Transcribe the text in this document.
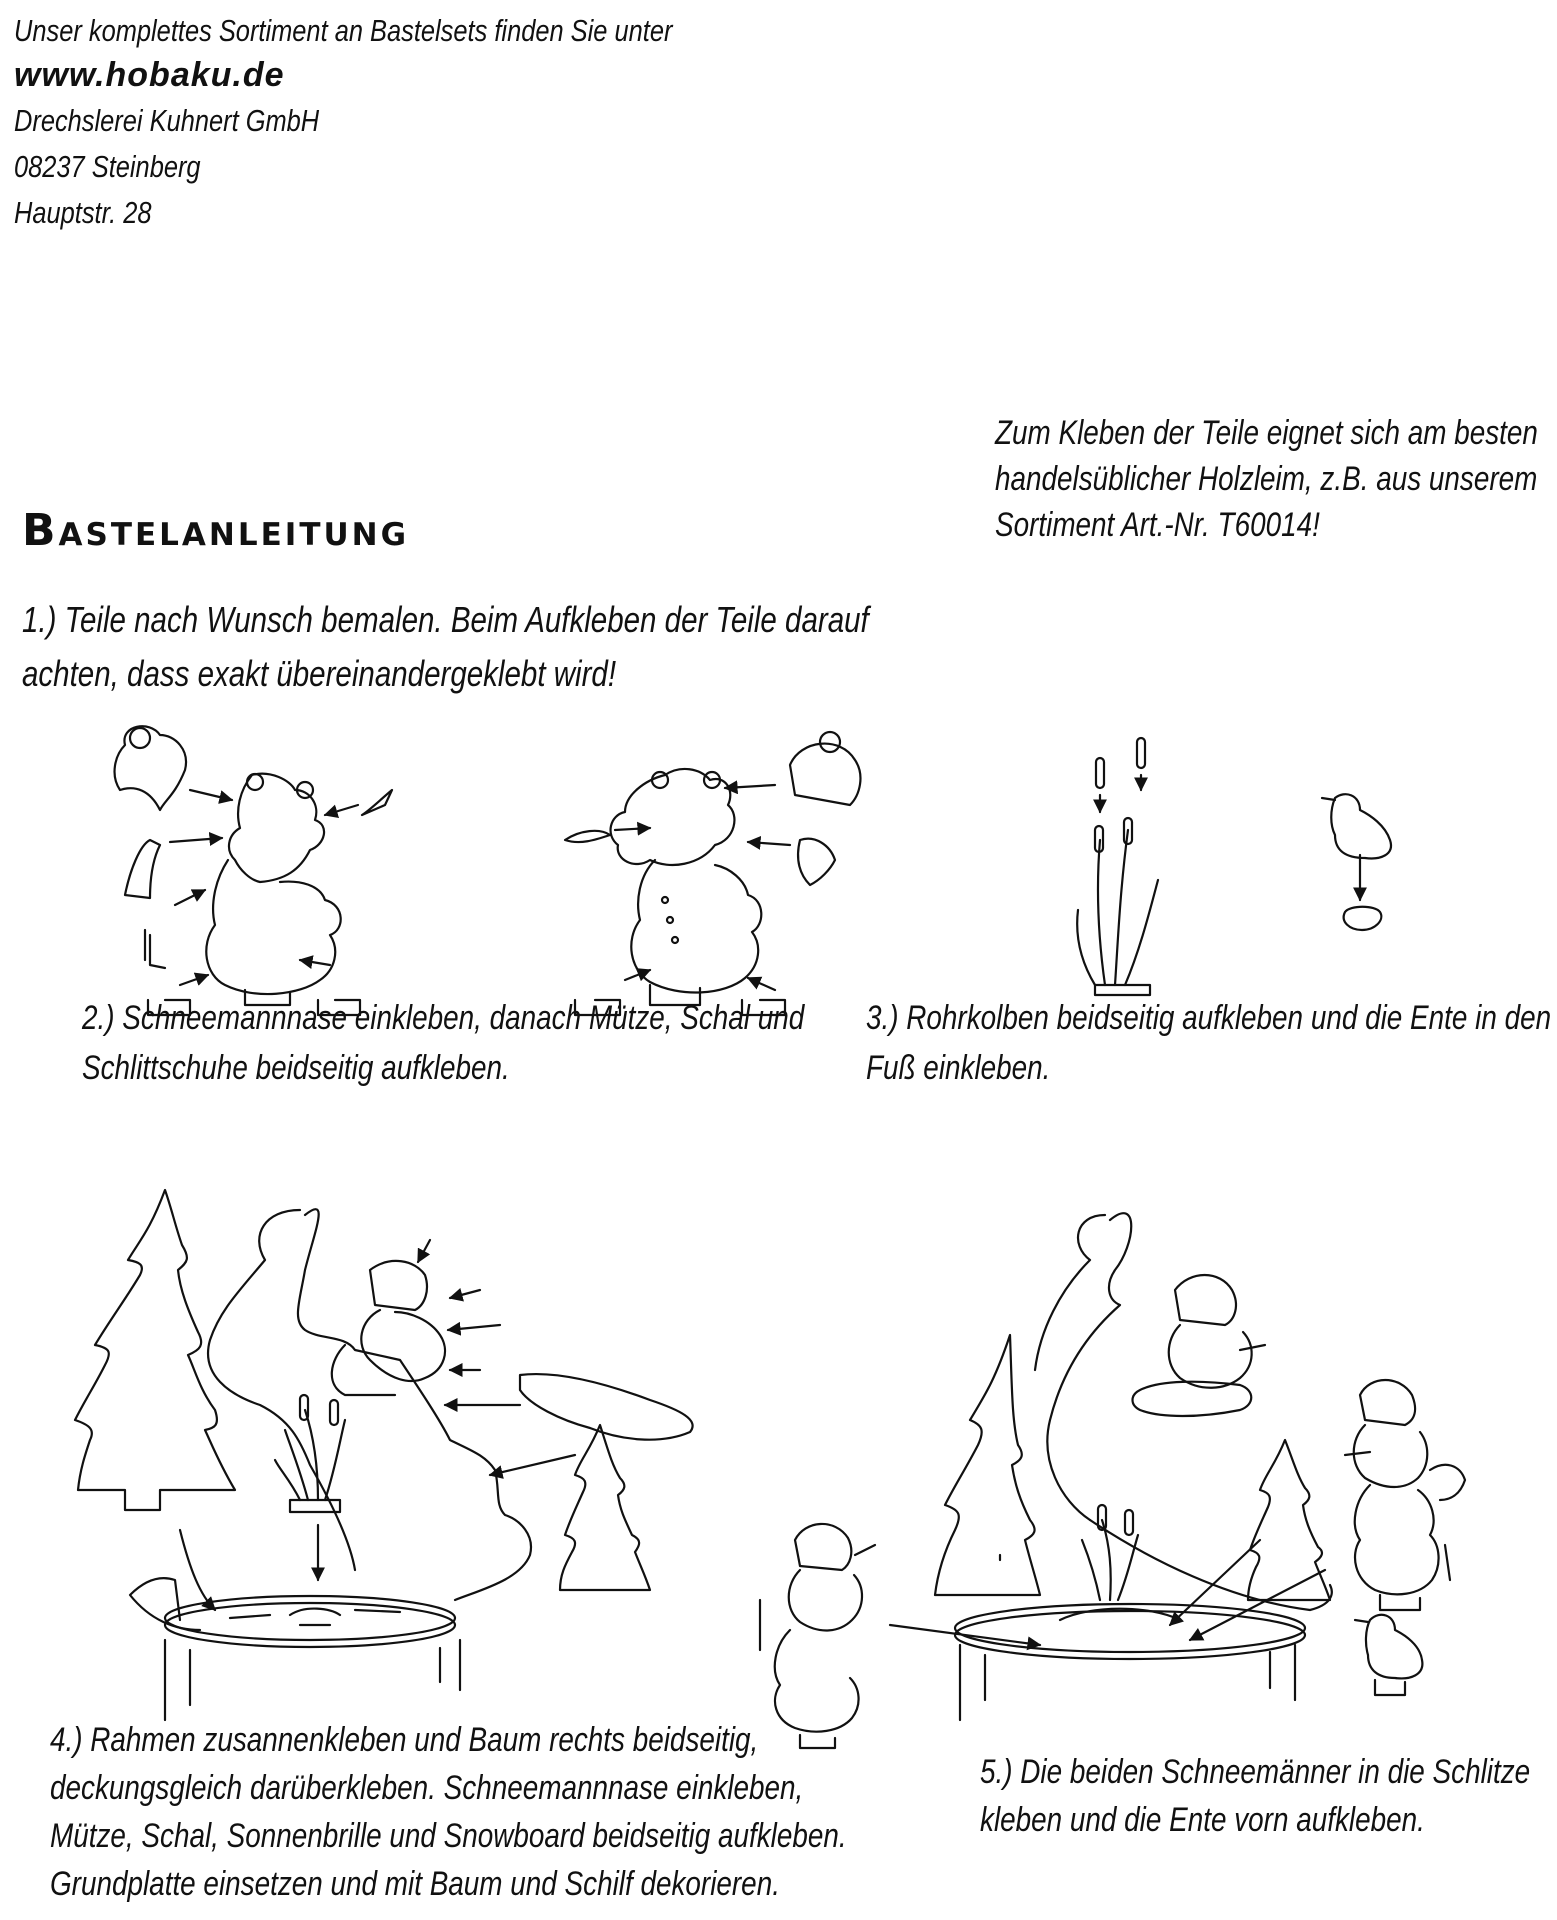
Unser komplettes Sortiment an Bastelsets finden Sie unter
www.hobaku.de
Drechslerei Kuhnert GmbH
08237 Steinberg
Hauptstr. 28
Zum Kleben der Teile eignet sich am besten
handelsüblicher Holzleim, z.B. aus unserem
Sortiment Art.-Nr. T60014!
Bastelanleitung
1.) Teile nach Wunsch bemalen. Beim Aufkleben der Teile darauf
achten, dass exakt übereinandergeklebt wird!
2.) Schneemannnase einkleben, danach Mütze, Schal und
Schlittschuhe beidseitig aufkleben.
3.) Rohrkolben beidseitig aufkleben und die Ente in den
Fuß einkleben.
4.) Rahmen zusannenkleben und Baum rechts beidseitig,
deckungsgleich darüberkleben. Schneemannnase einkleben,
Mütze, Schal, Sonnenbrille und Snowboard beidseitig aufkleben.
Grundplatte einsetzen und mit Baum und Schilf dekorieren.
5.) Die beiden Schneemänner in die Schlitze
kleben und die Ente vorn aufkleben.
